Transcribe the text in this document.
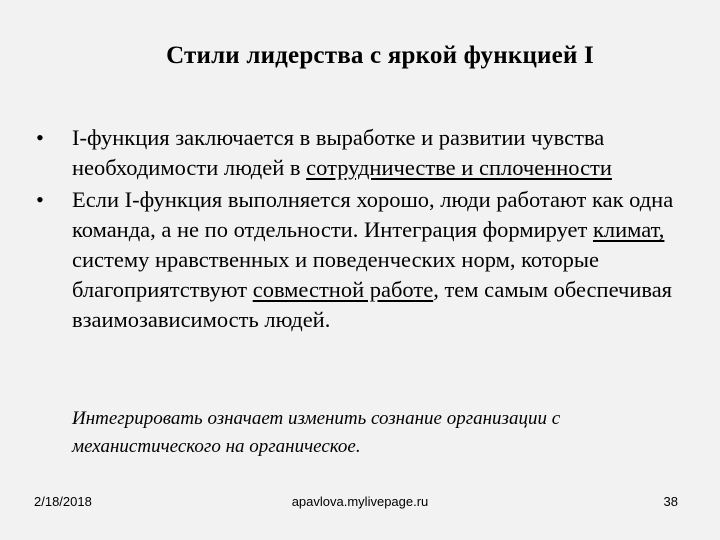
Стили лидерства с яркой функцией I

•	I-функция заключается в выработке и развитии чувства необходимости людей в сотрудничестве и сплоченности

•	Если I-функция выполняется хорошо, люди работают как одна команда, а не по отдельности. Интеграция формирует климат, систему нравственных и поведенческих норм, которые благоприятствуют совместной работе, тем самым обеспечивая взаимозависимость людей.

Интегрировать означает изменить сознание организации с механистического на органическое.
2/18/2018	apavlova.mylivepage.ru	38
